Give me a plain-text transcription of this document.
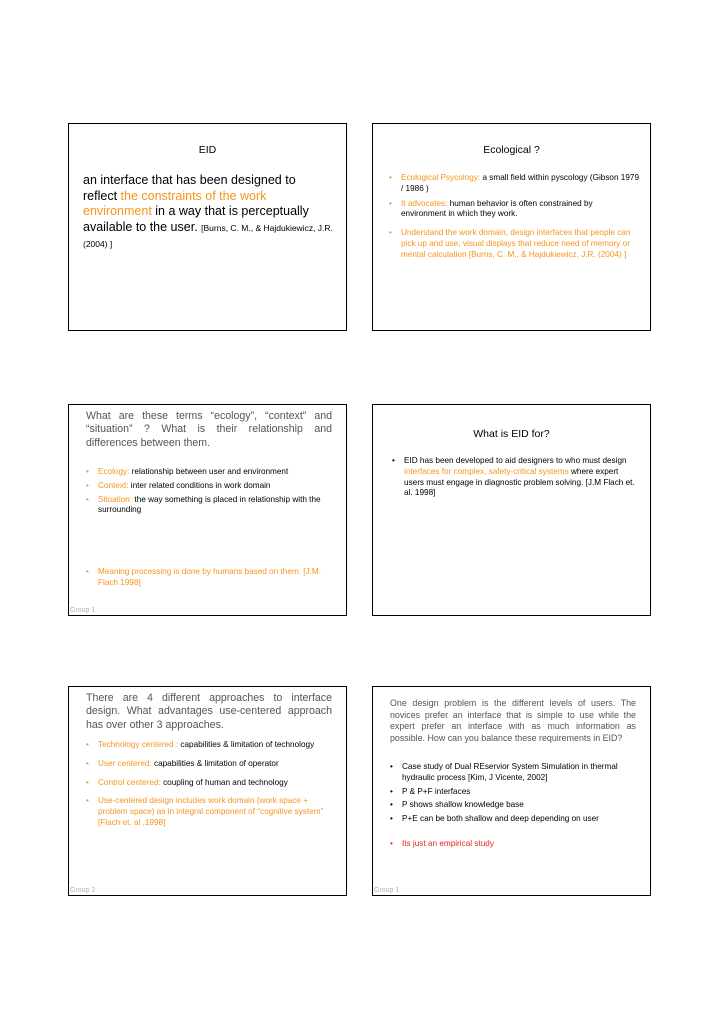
EID
an interface that has been designed to reflect the constraints of the work environment in a way that is perceptually available to the user. [Burns, C. M., & Hajdukiewicz, J.R. (2004) ]
Ecological ?
• Ecological Psycology: a small field within pyscology (Gibson 1979 / 1986 )
• It advocates: human behavior is often constrained by environment in which they work.
• Understand the work domain, design interfaces that people can pick up and use, visual displays that reduce need of memory or mental calculation [Burns, C. M., & Hajdukiewicz, J.R. (2004) ]
What are these terms “ecology”, “context” and “situation” ? What is their relationship and differences between them.
• Ecology: relationship between user and environment
• Context: inter related conditions in work domain
• Situation: the way something is placed in relationship with the surrounding
• Meaning processing is done by humans based on them. [J.M. Flach 1998]
Group 1
What is EID for?
• EID has been developed to aid designers to who must design interfaces for complex, safety-critical systems where expert users must engage in diagnostic problem solving. [J.M Flach et. al. 1998]
There are 4 different approaches to interface design. What advantages use-centered approach has over other 3 approaches.
• Technology centered : capabilities & limitation of technology
• User centered: capabilities & limitation of operator
• Control centered: coupling of human and technology
• Use-centered design includes work domain (work space + problem space) as in integral component of “cognitive system” [Flach et. al ,1998]
Group 2
One design problem is the different levels of users. The novices prefer an interface that is simple to use while the expert prefer an interface with as much information as possible. How can you balance these requirements in EID?
• Case study of Dual REservior System Simulation in thermal hydraulic process [Kim, J Vicente, 2002]
• P & P+F interfaces
• P shows shallow knowledge base
• P+E can be both shallow and deep depending on user
• Its just an empirical study
Group 1
